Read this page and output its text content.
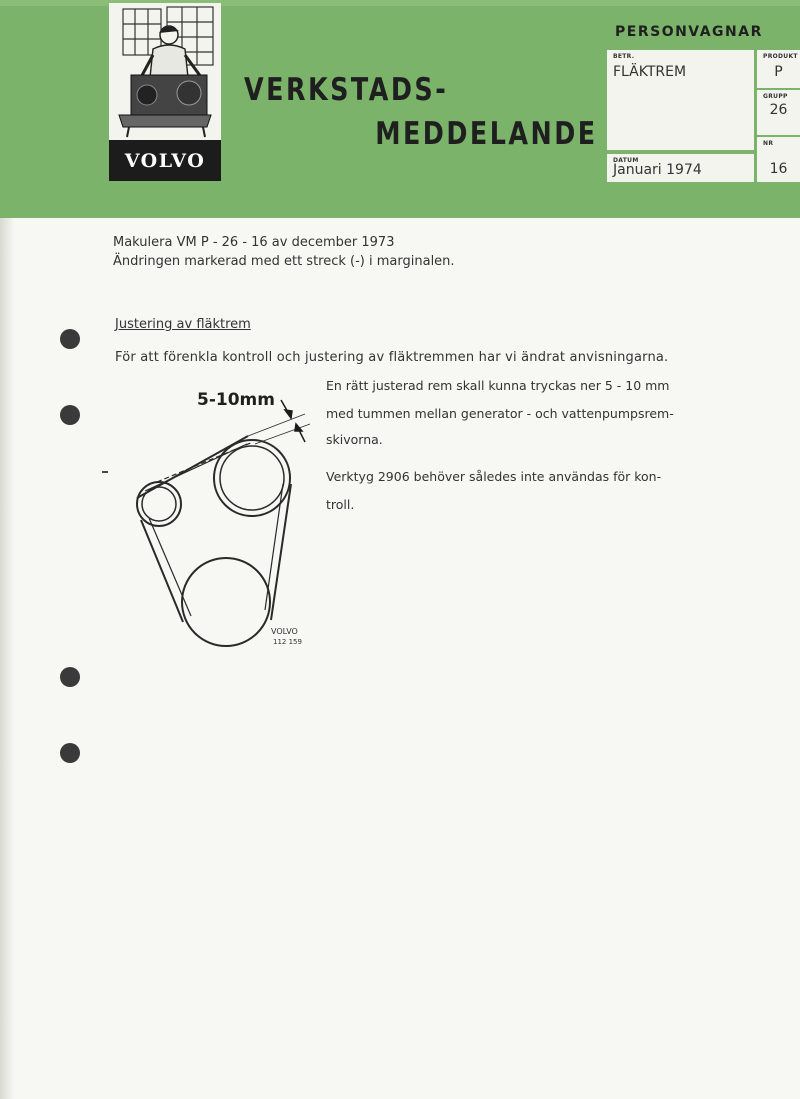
VOLVO
VERKSTADS-
MEDDELANDE
PERSONVAGNAR
BETR.
FLÄKTREM
DATUM
Januari 1974
PRODUKT
P
GRUPP
26
NR
16
Makulera VM P - 26 - 16 av december 1973
Ändringen markerad med ett streck (-) i marginalen.
Justering av fläktrem
För att förenkla kontroll och justering av fläktremmen har vi ändrat anvisningarna.
En rätt justerad rem skall kunna tryckas ner 5 - 10 mm
med tummen mellan generator - och vattenpumpsrem-
skivorna.
Verktyg 2906 behöver således inte användas för kon-
troll.
5-10mm
VOLVO
112 159
